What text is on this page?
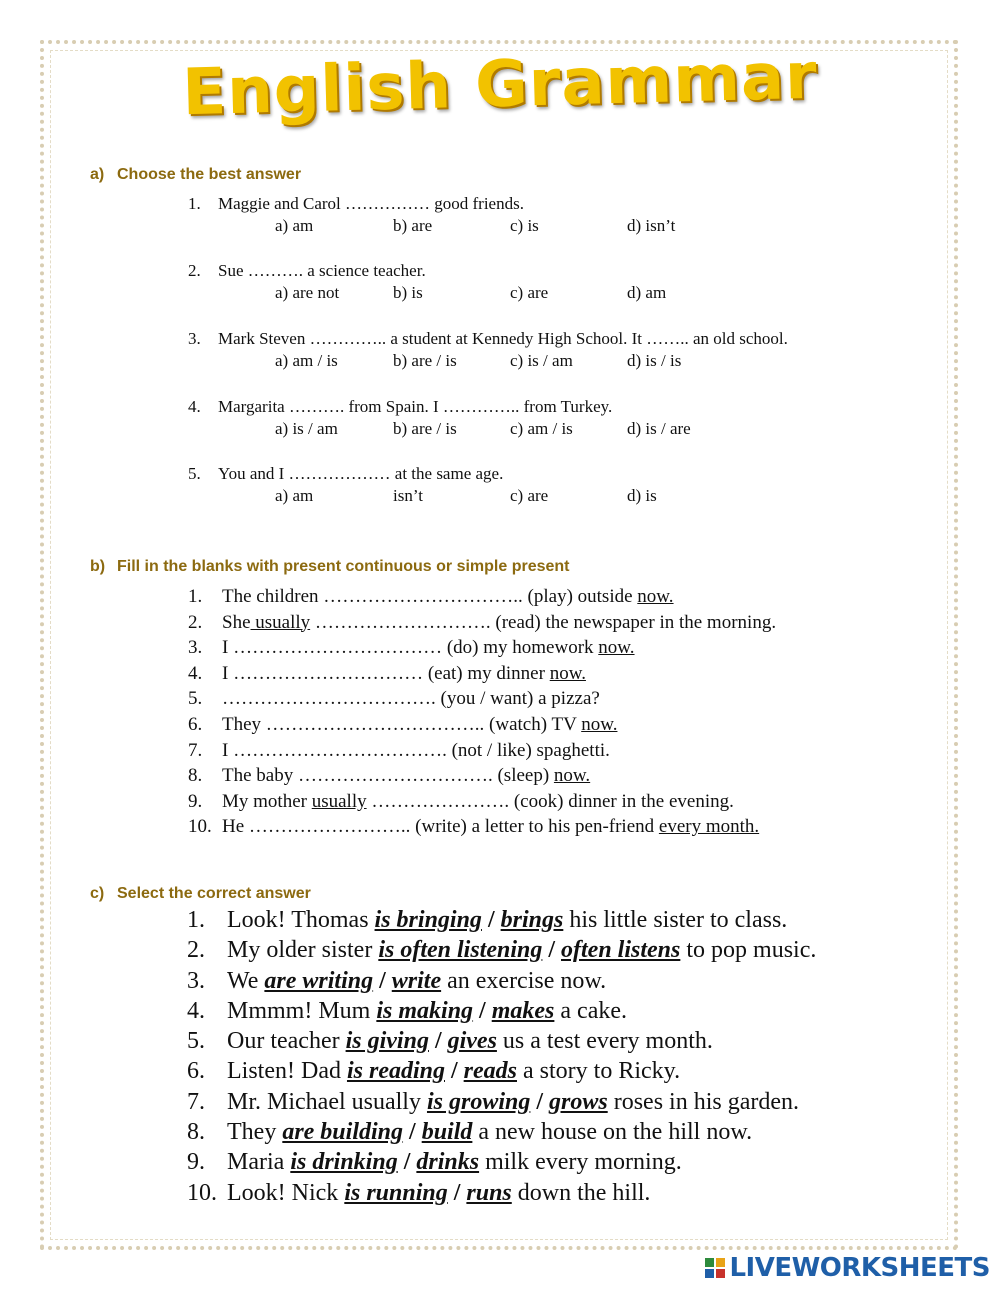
English Grammar

a) Choose the best answer

1. Maggie and Carol …………… good friends.
a) am	b) are	c) is	d) isn’t
2. Sue ………. a science teacher.
a) are not	b) is	c) are	d) am
3. Mark Steven ………….. a student at Kennedy High School. It …….. an old school.
a) am / is	b) are / is	c) is / am	d) is / is
4. Margarita ………. from Spain. I ………….. from Turkey.
a) is / am	b) are / is	c) am / is	d) is / are
5. You and I ……………… at the same age.
a) am	isn’t	c) are	d) is

b) Fill in the blanks with present continuous or simple present

1. The children ………………………….. (play) outside now.
2. She usually ………………………. (read) the newspaper in the morning.
3. I …………………………… (do) my homework now.
4. I ………………………… (eat) my dinner now.
5. ……………………………. (you / want) a pizza?
6. They …………………………….. (watch) TV now.
7. I ……………………………. (not / like) spaghetti.
8. The baby …………………………. (sleep) now.
9. My mother usually …………………. (cook) dinner in the evening.
10. He …………………….. (write) a letter to his pen-friend every month.

c) Select the correct answer

1. Look! Thomas is bringing / brings his little sister to class.
2. My older sister is often listening / often listens to pop music.
3. We are writing / write an exercise now.
4. Mmmm! Mum is making / makes a cake.
5. Our teacher is giving / gives us a test every month.
6. Listen! Dad is reading / reads a story to Ricky.
7. Mr. Michael usually is growing / grows roses in his garden.
8. They are building / build a new house on the hill now.
9. Maria is drinking / drinks milk every morning.
10. Look! Nick is running / runs down the hill.
LIVEWORKSHEETS
